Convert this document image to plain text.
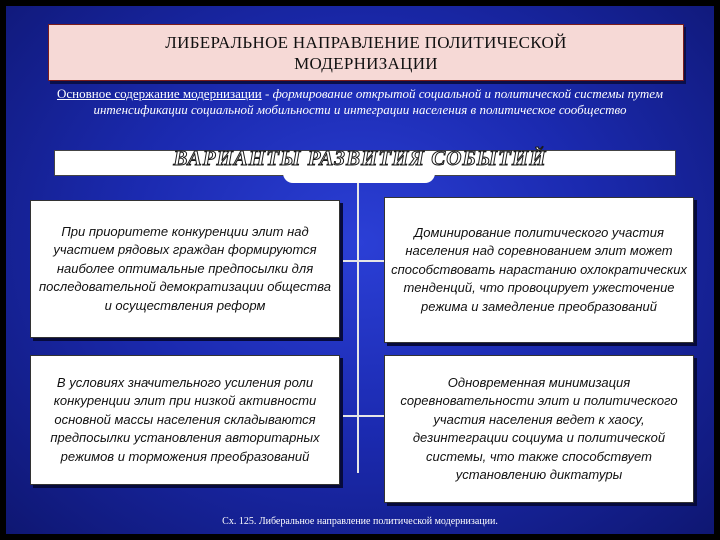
ЛИБЕРАЛЬНОЕ НАПРАВЛЕНИЕ ПОЛИТИЧЕСКОЙ
МОДЕРНИЗАЦИИ
Основное содержание модернизации - формирование открытой социальной и политической системы путем интенсификации социальной мобильности и интеграции населения в политическое сообщество
ВАРИАНТЫ РАЗВИТИЯ СОБЫТИЙ
При приоритете конкуренции элит над участием рядовых граждан формируются наиболее оптимальные предпосылки для последовательной демократизации общества и осуществления реформ
Доминирование политического участия населения над соревнованием элит может способствовать нарастанию охлократических тенденций, что провоцирует ужесточение режима и замедление преобразований
В условиях значительного усиления роли конкуренции элит при низкой активности основной массы населения складываются предпосылки установления авторитарных режимов и торможения преобразований
Одновременная минимизация соревновательности элит и политического участия населения ведет к хаосу, дезинтеграции социума и политической системы, что также способствует установлению диктатуры
Сх. 125. Либеральное направление политической модернизации.
